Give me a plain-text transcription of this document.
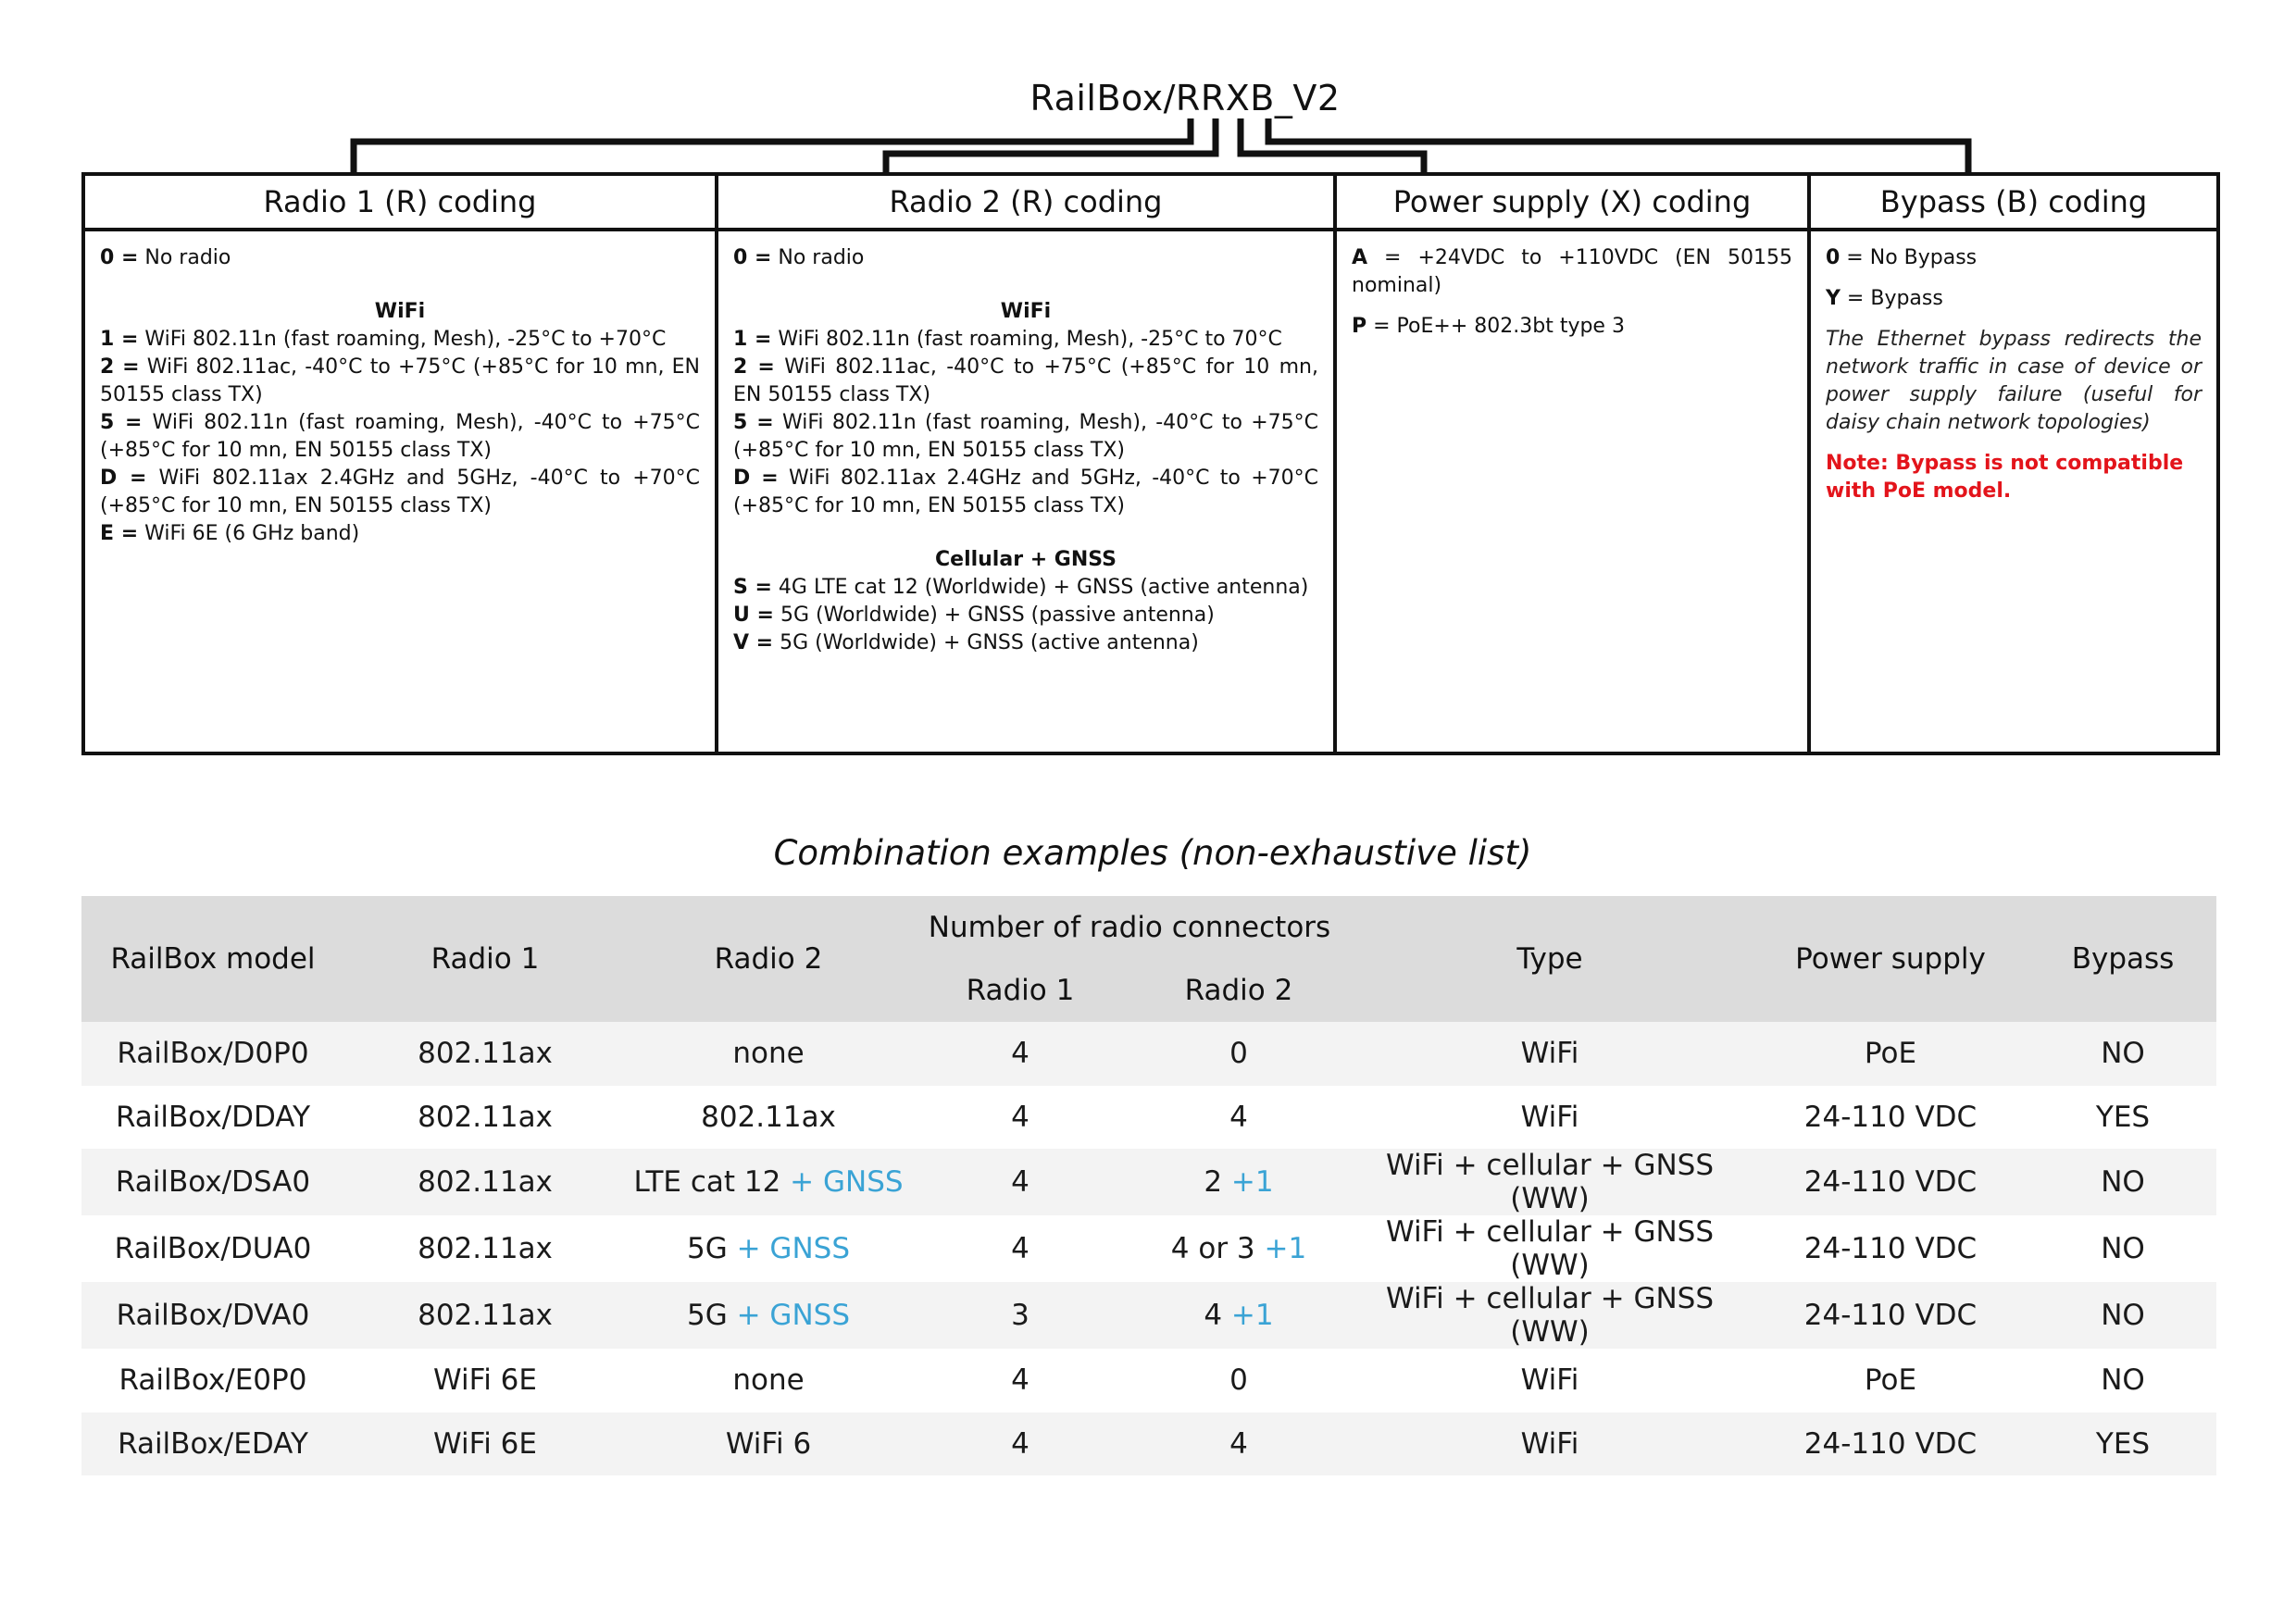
RailBox/RRXB_V2
Radio 1 (R) coding
0 = No radio
WiFi
1 = WiFi 802.11n (fast roaming, Mesh), -25°C to +70°C
2 = WiFi 802.11ac, -40°C to +75°C (+85°C for 10 mn, EN 50155 class TX)
5 = WiFi 802.11n (fast roaming, Mesh), -40°C to +75°C (+85°C for 10 mn, EN 50155 class TX)
D = WiFi 802.11ax 2.4GHz and 5GHz, -40°C to +70°C (+85°C for 10 mn, EN 50155 class TX)
E = WiFi 6E (6 GHz band)
Radio 2 (R) coding
0 = No radio
WiFi
1 = WiFi 802.11n (fast roaming, Mesh), -25°C to 70°C
2 = WiFi 802.11ac, -40°C to +75°C (+85°C for 10 mn, EN 50155 class TX)
5 = WiFi 802.11n (fast roaming, Mesh), -40°C to +75°C (+85°C for 10 mn, EN 50155 class TX)
D = WiFi 802.11ax 2.4GHz and 5GHz, -40°C to +70°C (+85°C for 10 mn, EN 50155 class TX)
Cellular + GNSS
S = 4G LTE cat 12 (Worldwide) + GNSS (active antenna)
U = 5G (Worldwide) + GNSS (passive antenna)
V = 5G (Worldwide) + GNSS (active antenna)
Power supply (X) coding
A = +24VDC to +110VDC (EN 50155 nominal)
P = PoE++ 802.3bt type 3
Bypass (B) coding
0 = No Bypass
Y = Bypass
The Ethernet bypass redirects the network traffic in case of device or power supply failure (useful for daisy chain network topologies)
Note: Bypass is not compatible with PoE model.
Combination examples (non-exhaustive list)
RailBox model	Radio 1	Radio 2	Number of radio connectors		Type	Power supply	Bypass
			Radio 1	Radio 2			
RailBox/D0P0	802.11ax	none	4	0	WiFi	PoE	NO
RailBox/DDAY	802.11ax	802.11ax	4	4	WiFi	24-110 VDC	YES
RailBox/DSA0	802.11ax	LTE cat 12 + GNSS	4	2 +1	WiFi + cellular + GNSS (WW)	24-110 VDC	NO
RailBox/DUA0	802.11ax	5G + GNSS	4	4 or 3 +1	WiFi + cellular + GNSS (WW)	24-110 VDC	NO
RailBox/DVA0	802.11ax	5G + GNSS	3	4 +1	WiFi + cellular + GNSS (WW)	24-110 VDC	NO
RailBox/E0P0	WiFi 6E	none	4	0	WiFi	PoE	NO
RailBox/EDAY	WiFi 6E	WiFi 6	4	4	WiFi	24-110 VDC	YES
